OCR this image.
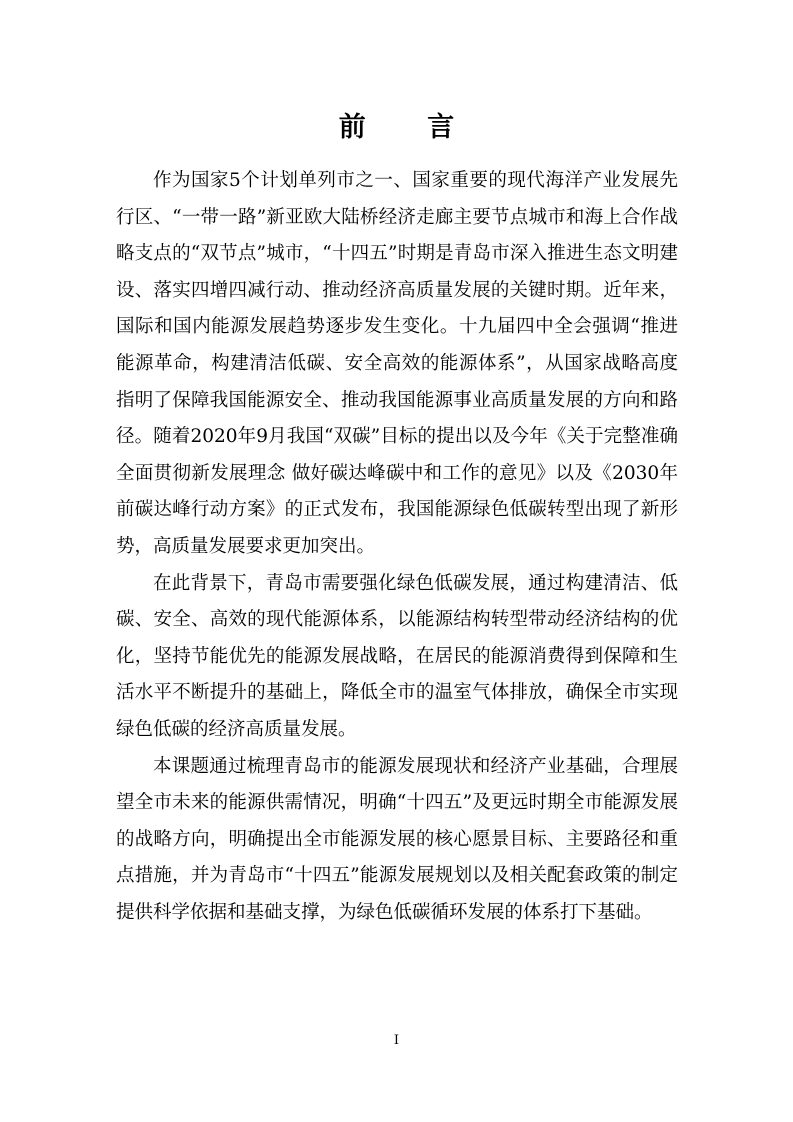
前 言

作为国家5个计划单列市之一、国家重要的现代海洋产业发展先行区、“一带一路”新亚欧大陆桥经济走廊主要节点城市和海上合作战略支点的“双节点”城市，“十四五”时期是青岛市深入推进生态文明建设、落实四增四减行动、推动经济高质量发展的关键时期。近年来，国际和国内能源发展趋势逐步发生变化。十九届四中全会强调“推进能源革命，构建清洁低碳、安全高效的能源体系”，从国家战略高度指明了保障我国能源安全、推动我国能源事业高质量发展的方向和路径。随着2020年9月我国“双碳”目标的提出以及今年《关于完整准确全面贯彻新发展理念 做好碳达峰碳中和工作的意见》以及《2030年前碳达峰行动方案》的正式发布，我国能源绿色低碳转型出现了新形势，高质量发展要求更加突出。

在此背景下，青岛市需要强化绿色低碳发展，通过构建清洁、低碳、安全、高效的现代能源体系，以能源结构转型带动经济结构的优化，坚持节能优先的能源发展战略，在居民的能源消费得到保障和生活水平不断提升的基础上，降低全市的温室气体排放，确保全市实现绿色低碳的经济高质量发展。

本课题通过梳理青岛市的能源发展现状和经济产业基础，合理展望全市未来的能源供需情况，明确“十四五”及更远时期全市能源发展的战略方向，明确提出全市能源发展的核心愿景目标、主要路径和重点措施，并为青岛市“十四五”能源发展规划以及相关配套政策的制定提供科学依据和基础支撑，为绿色低碳循环发展的体系打下基础。

I
